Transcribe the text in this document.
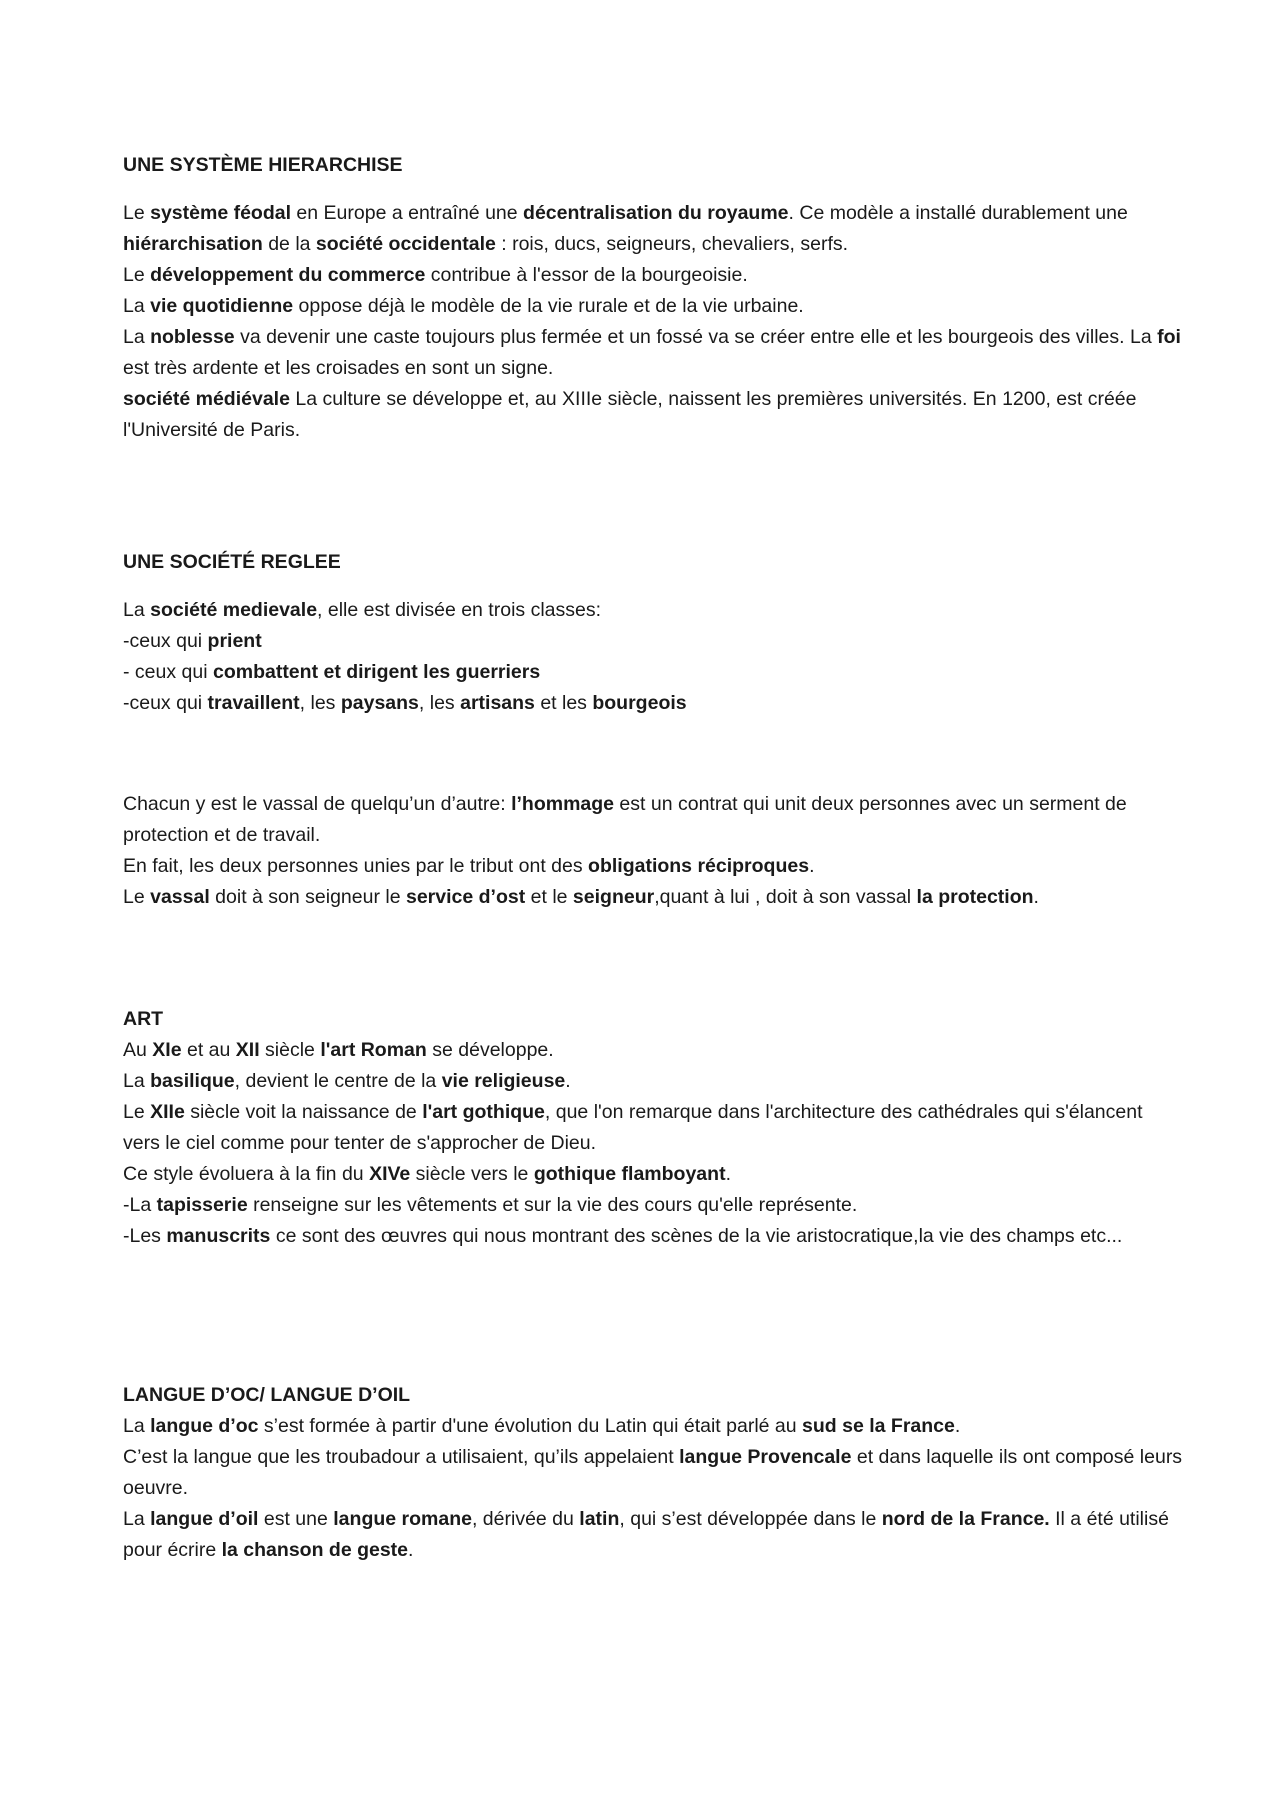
UNE SYSTÈME HIERARCHISE

Le système féodal en Europe a entraîné une décentralisation du royaume. Ce modèle a installé durablement une hiérarchisation de la société occidentale : rois, ducs, seigneurs, chevaliers, serfs.

Le développement du commerce contribue à l'essor de la bourgeoisie.

La vie quotidienne oppose déjà le modèle de la vie rurale et de la vie urbaine.

La noblesse va devenir une caste toujours plus fermée et un fossé va se créer entre elle et les bourgeois des villes. La foi est très ardente et les croisades en sont un signe.

société médiévale La culture se développe et, au XIIIe siècle, naissent les premières universités. En 1200, est créée l'Université de Paris.

UNE SOCIÉTÉ REGLEE

La société medievale, elle est divisée en trois classes:

-ceux qui prient

- ceux qui combattent et dirigent les guerriers

-ceux qui travaillent, les paysans, les artisans et les bourgeois

Chacun y est le vassal de quelqu’un d’autre: l’hommage est un contrat qui unit deux personnes avec un serment de protection et de travail.

En fait, les deux personnes unies par le tribut ont des obligations réciproques.

Le vassal doit à son seigneur le service d’ost et le seigneur,quant à lui , doit à son vassal la protection.

ART

Au XIe et au XII siècle l'art Roman se développe.

La basilique, devient le centre de la vie religieuse.

Le XIIe siècle voit la naissance de l'art gothique, que l'on remarque dans l'architecture des cathédrales qui s'élancent vers le ciel comme pour tenter de s'approcher de Dieu.

Ce style évoluera à la fin du XIVe siècle vers le gothique flamboyant.

-La tapisserie renseigne sur les vêtements et sur la vie des cours qu'elle représente.

-Les manuscrits ce sont des œuvres qui nous montrant des scènes de la vie aristocratique,la vie des champs etc...

LANGUE D’OC/ LANGUE D’OIL

La langue d’oc s’est formée à partir d'une évolution du Latin qui était parlé au sud se la France.

C’est la langue que les troubadour a utilisaient, qu’ils appelaient langue Provencale et dans laquelle ils ont composé leurs oeuvre.

La langue d’oil est une langue romane, dérivée du latin, qui s’est développée dans le nord de la France. Il a été utilisé pour écrire la chanson de geste.
